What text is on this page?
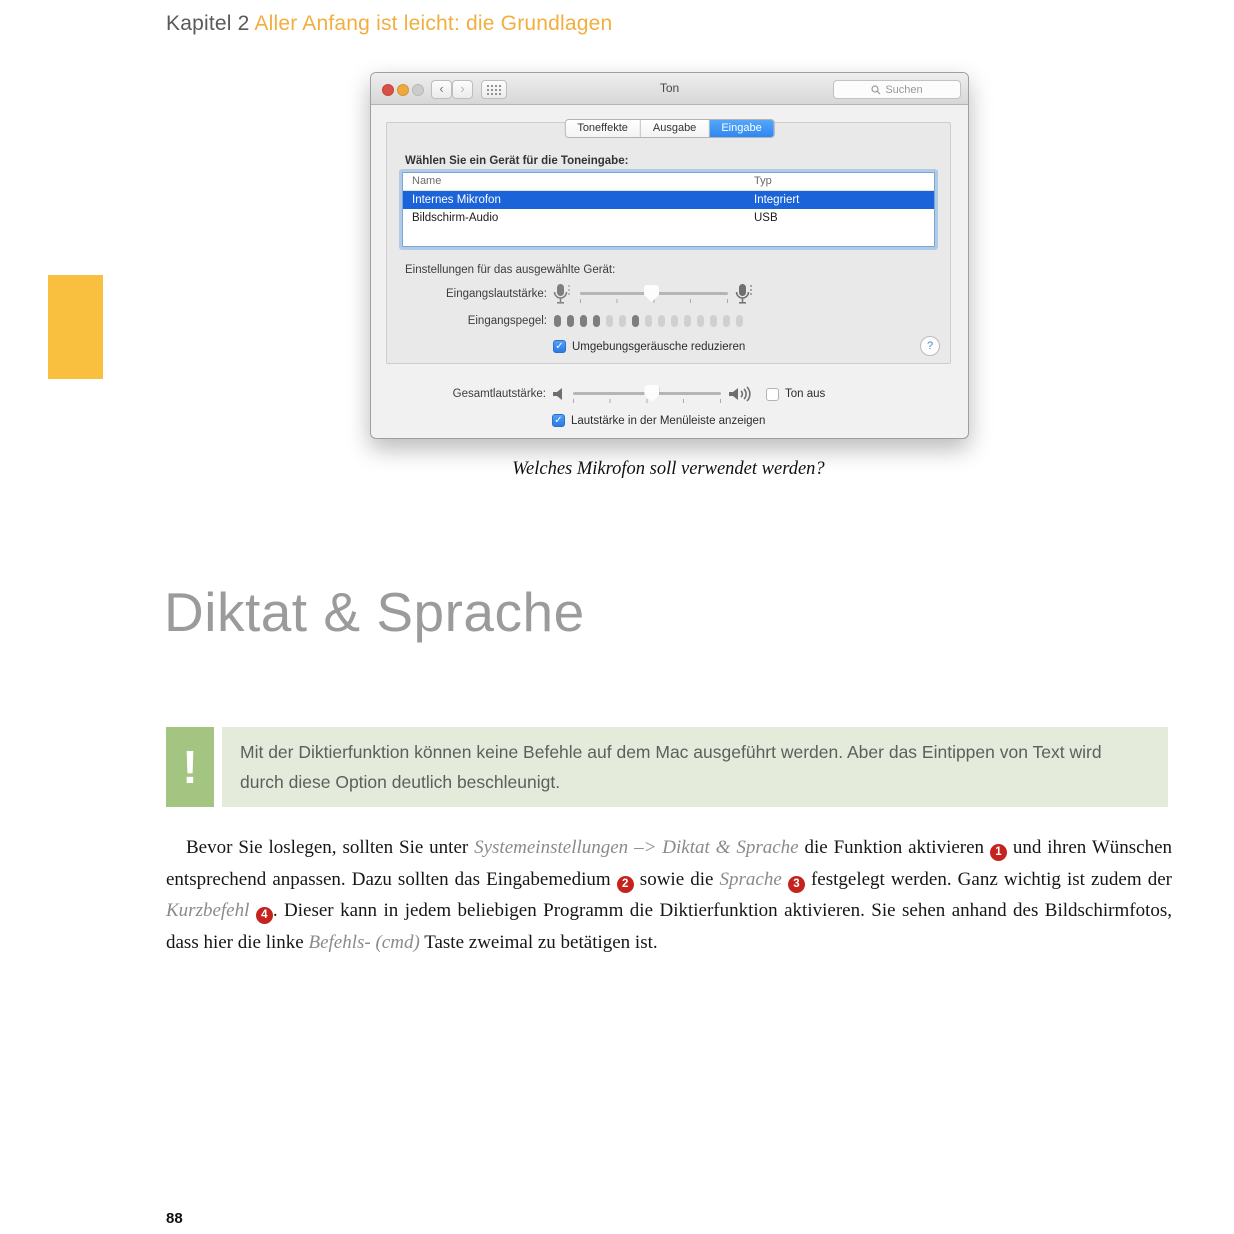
Kapitel 2 Aller Anfang ist leicht: die Grundlagen
‹	›	Ton	Suchen
Toneffekte	Ausgabe	Eingabe
Wählen Sie ein Gerät für die Toneingabe:
Name	Typ
Internes Mikrofon	Integriert
Bildschirm-Audio	USB
Einstellungen für das ausgewählte Gerät:
Eingangslautstärke:
Eingangspegel:
✓ Umgebungsgeräusche reduzieren	?
Gesamtlautstärke:	Ton aus
✓ Lautstärke in der Menüleiste anzeigen
Welches Mikrofon soll verwendet werden?
Diktat & Sprache
!	Mit der Diktierfunktion können keine Befehle auf dem Mac ausgeführt werden. Aber das Eintippen von Text wird durch diese Option deutlich beschleunigt.
Bevor Sie loslegen, sollten Sie unter Systemeinstellungen –> Diktat & Sprache die Funktion aktivieren 1 und ihren Wünschen entsprechend anpassen. Dazu sollten das Eingabemedium 2 sowie die Sprache 3 festgelegt werden. Ganz wichtig ist zudem der Kurzbefehl 4 . Dieser kann in jedem beliebigen Programm die Diktierfunktion aktivieren. Sie sehen anhand des Bildschirmfotos, dass hier die linke Befehls- (cmd) Taste zweimal zu betätigen ist.
88
